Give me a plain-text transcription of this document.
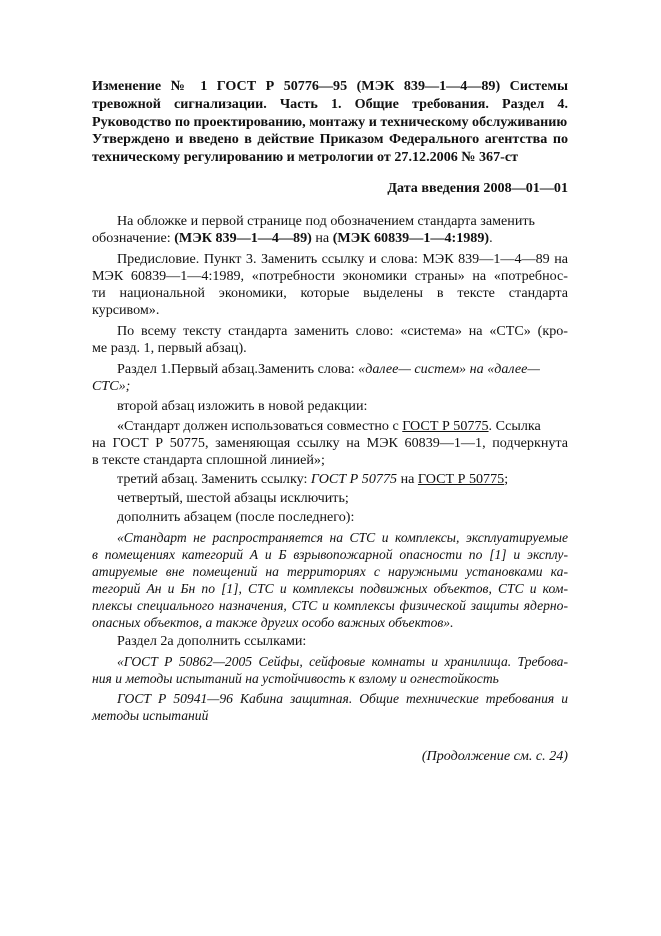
Изменение № 1 ГОСТ Р 50776—95 (МЭК 839—1—4—89) Системы тревожной сигнализации. Часть 1. Общие требования. Раздел 4. Руководство по проектированию, монтажу и техническому обслуживанию

Утверждено и введено в действие Приказом Федерального агентства по техническому регулированию и метрологии от 27.12.2006 № 367-ст

Дата введения 2008—01—01

На обложке и первой странице под обозначением стандарта заменить
обозначение: (МЭК 839—1—4—89) на (МЭК 60839—1—4:1989).
Предисловие. Пункт 3. Заменить ссылку и слова: МЭК 839—1—4—89 на
МЭК 60839—1—4:1989, «потребности экономики страны» на «потребнос-
ти национальной экономики, которые выделены в тексте стандарта
курсивом».
По всему тексту стандарта заменить слово: «система» на «СТС» (кро-
ме разд. 1, первый абзац).
Раздел 1.Первый абзац.Заменить слова: «далее— систем» на «далее—
СТС»;
второй абзац изложить в новой редакции:
«Стандарт должен использоваться совместно с ГОСТ Р 50775. Ссылка
на ГОСТ Р 50775, заменяющая ссылку на МЭК 60839—1—1, подчеркнута
в тексте стандарта сплошной линией»;
третий абзац. Заменить ссылку: ГОСТ Р 50775 на ГОСТ Р 50775;
четвертый, шестой абзацы исключить;
дополнить абзацем (после последнего):
«Стандарт не распространяется на СТС и комплексы, эксплуатируемые
в помещениях категорий А и Б взрывопожарной опасности по [1] и эксплу-
атируемые вне помещений на территориях с наружными установками ка-
тегорий Ан и Бн по [1], СТС и комплексы подвижных объектов, СТС и ком-
плексы специального назначения, СТС и комплексы физической защиты ядерно-
опасных объектов, а также других особо важных объектов».
Раздел 2а дополнить ссылками:
«ГОСТ Р 50862—2005 Сейфы, сейфовые комнаты и хранилища. Требова-
ния и методы испытаний на устойчивость к взлому и огнестойкость
ГОСТ Р 50941—96 Кабина защитная. Общие технические требования и
методы испытаний
(Продолжение см. с. 24)
